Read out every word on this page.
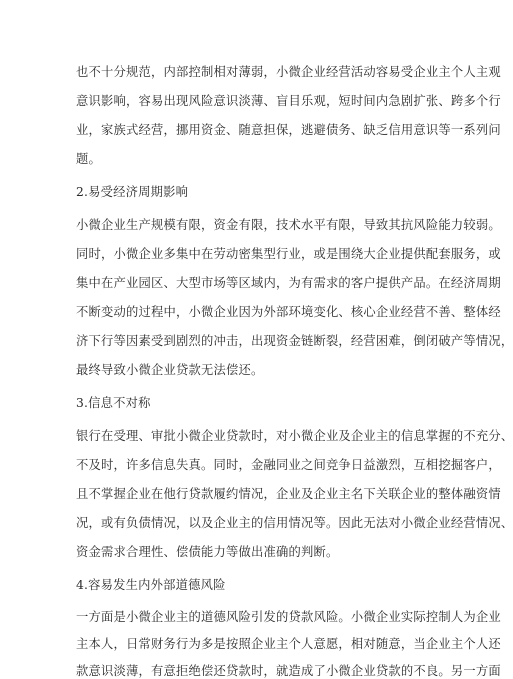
也不十分规范，内部控制相对薄弱，小微企业经营活动容易受企业主个人主观
意识影响，容易出现风险意识淡薄、盲目乐观，短时间内急剧扩张、跨多个行
业，家族式经营，挪用资金、随意担保，逃避债务、缺乏信用意识等一系列问
题。
2.易受经济周期影响
小微企业生产规模有限，资金有限，技术水平有限，导致其抗风险能力较弱。
同时，小微企业多集中在劳动密集型行业，或是围绕大企业提供配套服务，或
集中在产业园区、大型市场等区域内，为有需求的客户提供产品。在经济周期
不断变动的过程中，小微企业因为外部环境变化、核心企业经营不善、整体经
济下行等因素受到剧烈的冲击，出现资金链断裂，经营困难，倒闭破产等情况，
最终导致小微企业贷款无法偿还。
3.信息不对称
银行在受理、审批小微企业贷款时，对小微企业及企业主的信息掌握的不充分、
不及时，许多信息失真。同时，金融同业之间竞争日益激烈，互相挖掘客户，
且不掌握企业在他行贷款履约情况，企业及企业主名下关联企业的整体融资情
况，或有负债情况，以及企业主的信用情况等。因此无法对小微企业经营情况、
资金需求合理性、偿债能力等做出准确的判断。
4.容易发生内外部道德风险
一方面是小微企业主的道德风险引发的贷款风险。小微企业实际控制人为企业
主本人，日常财务行为多是按照企业主个人意愿，相对随意，当企业主个人还
款意识淡薄，有意拒绝偿还贷款时，就造成了小微企业贷款的不良。另一方面
